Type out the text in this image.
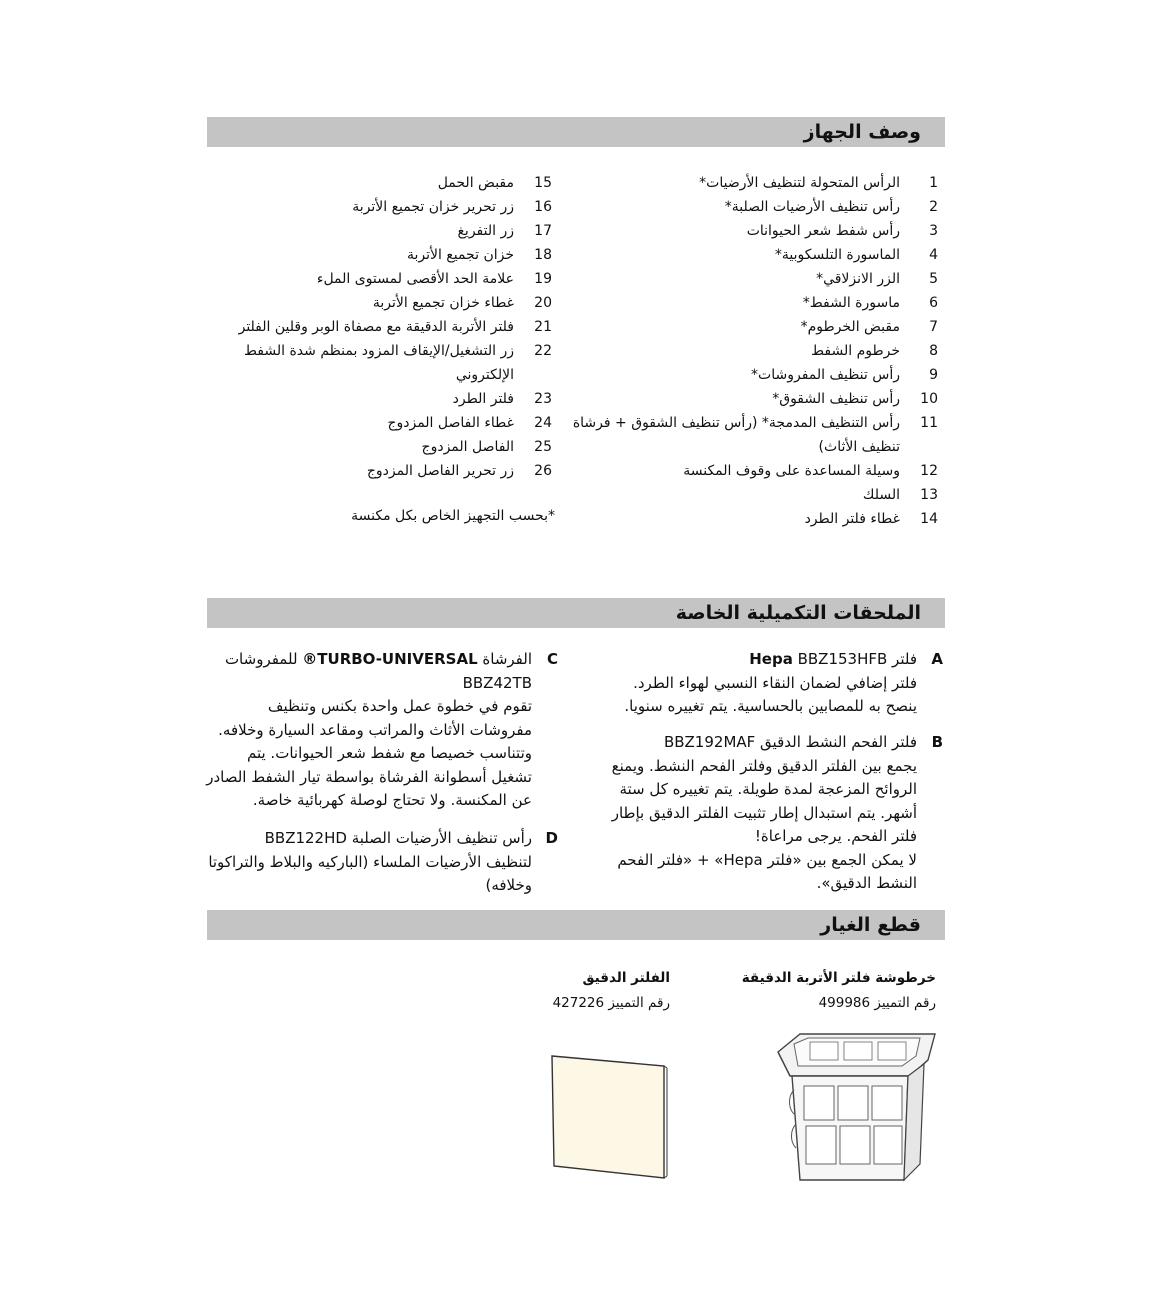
وصف الجهاز
1
الرأس المتحولة لتنظيف الأرضيات*
2
رأس تنظيف الأرضيات الصلبة*
3
رأس شفط شعر الحيوانات
4
الماسورة التلسكوبية*
5
الزر الانزلاقي*
6
ماسورة الشفط*
7
مقبض الخرطوم*
8
خرطوم الشفط
9
رأس تنظيف المفروشات*
10
رأس تنظيف الشقوق*
11
رأس التنظيف المدمجة* (رأس تنظيف الشقوق + فرشاة تنظيف الأثاث)
12
وسيلة المساعدة على وقوف المكنسة
13
السلك
14
غطاء فلتر الطرد
15
مقبض الحمل
16
زر تحرير خزان تجميع الأتربة
17
زر التفريغ
18
خزان تجميع الأتربة
19
علامة الحد الأقصى لمستوى الملء
20
غطاء خزان تجميع الأتربة
21
فلتر الأتربة الدقيقة مع مصفاة الوبر وقلين الفلتر
22
زر التشغيل/الإيقاف المزود بمنظم شدة الشفط الإلكتروني
23
فلتر الطرد
24
غطاء الفاصل المزدوج
25
الفاصل المزدوج
26
زر تحرير الفاصل المزدوج
*بحسب التجهيز الخاص بكل مكنسة
الملحقات التكميلية الخاصة
A
فلتر Hepa BBZ153HFB
فلتر إضافي لضمان النقاء النسبي لهواء الطرد. ينصح به للمصابين بالحساسية. يتم تغييره سنويا.
B
فلتر الفحم النشط الدقيق BBZ192MAF
يجمع بين الفلتر الدقيق وفلتر الفحم النشط. ويمنع الروائح المزعجة لمدة طويلة. يتم تغييره كل ستة أشهر. يتم استبدال إطار تثبيت الفلتر الدقيق بإطار فلتر الفحم. يرجى مراعاة!
لا يمكن الجمع بين «فلتر Hepa» + «فلتر الفحم النشط الدقيق».
C
الفرشاة TURBO-UNIVERSAL® للمفروشات
BBZ42TB
تقوم في خطوة عمل واحدة بكنس وتنظيف مفروشات الأثاث والمراتب ومقاعد السيارة وخلافه. وتتناسب خصيصا مع شفط شعر الحيوانات. يتم تشغيل أسطوانة الفرشاة بواسطة تيار الشفط الصادر عن المكنسة. ولا تحتاج لوصلة كهربائية خاصة.
D
رأس تنظيف الأرضيات الصلبة BBZ122HD
لتنظيف الأرضيات الملساء (الباركيه والبلاط والتراكوتا وخلافه)
قطع الغيار
خرطوشة فلتر الأتربة الدقيقة
رقم التمييز 499986
الفلتر الدقيق
رقم التمييز 427226
